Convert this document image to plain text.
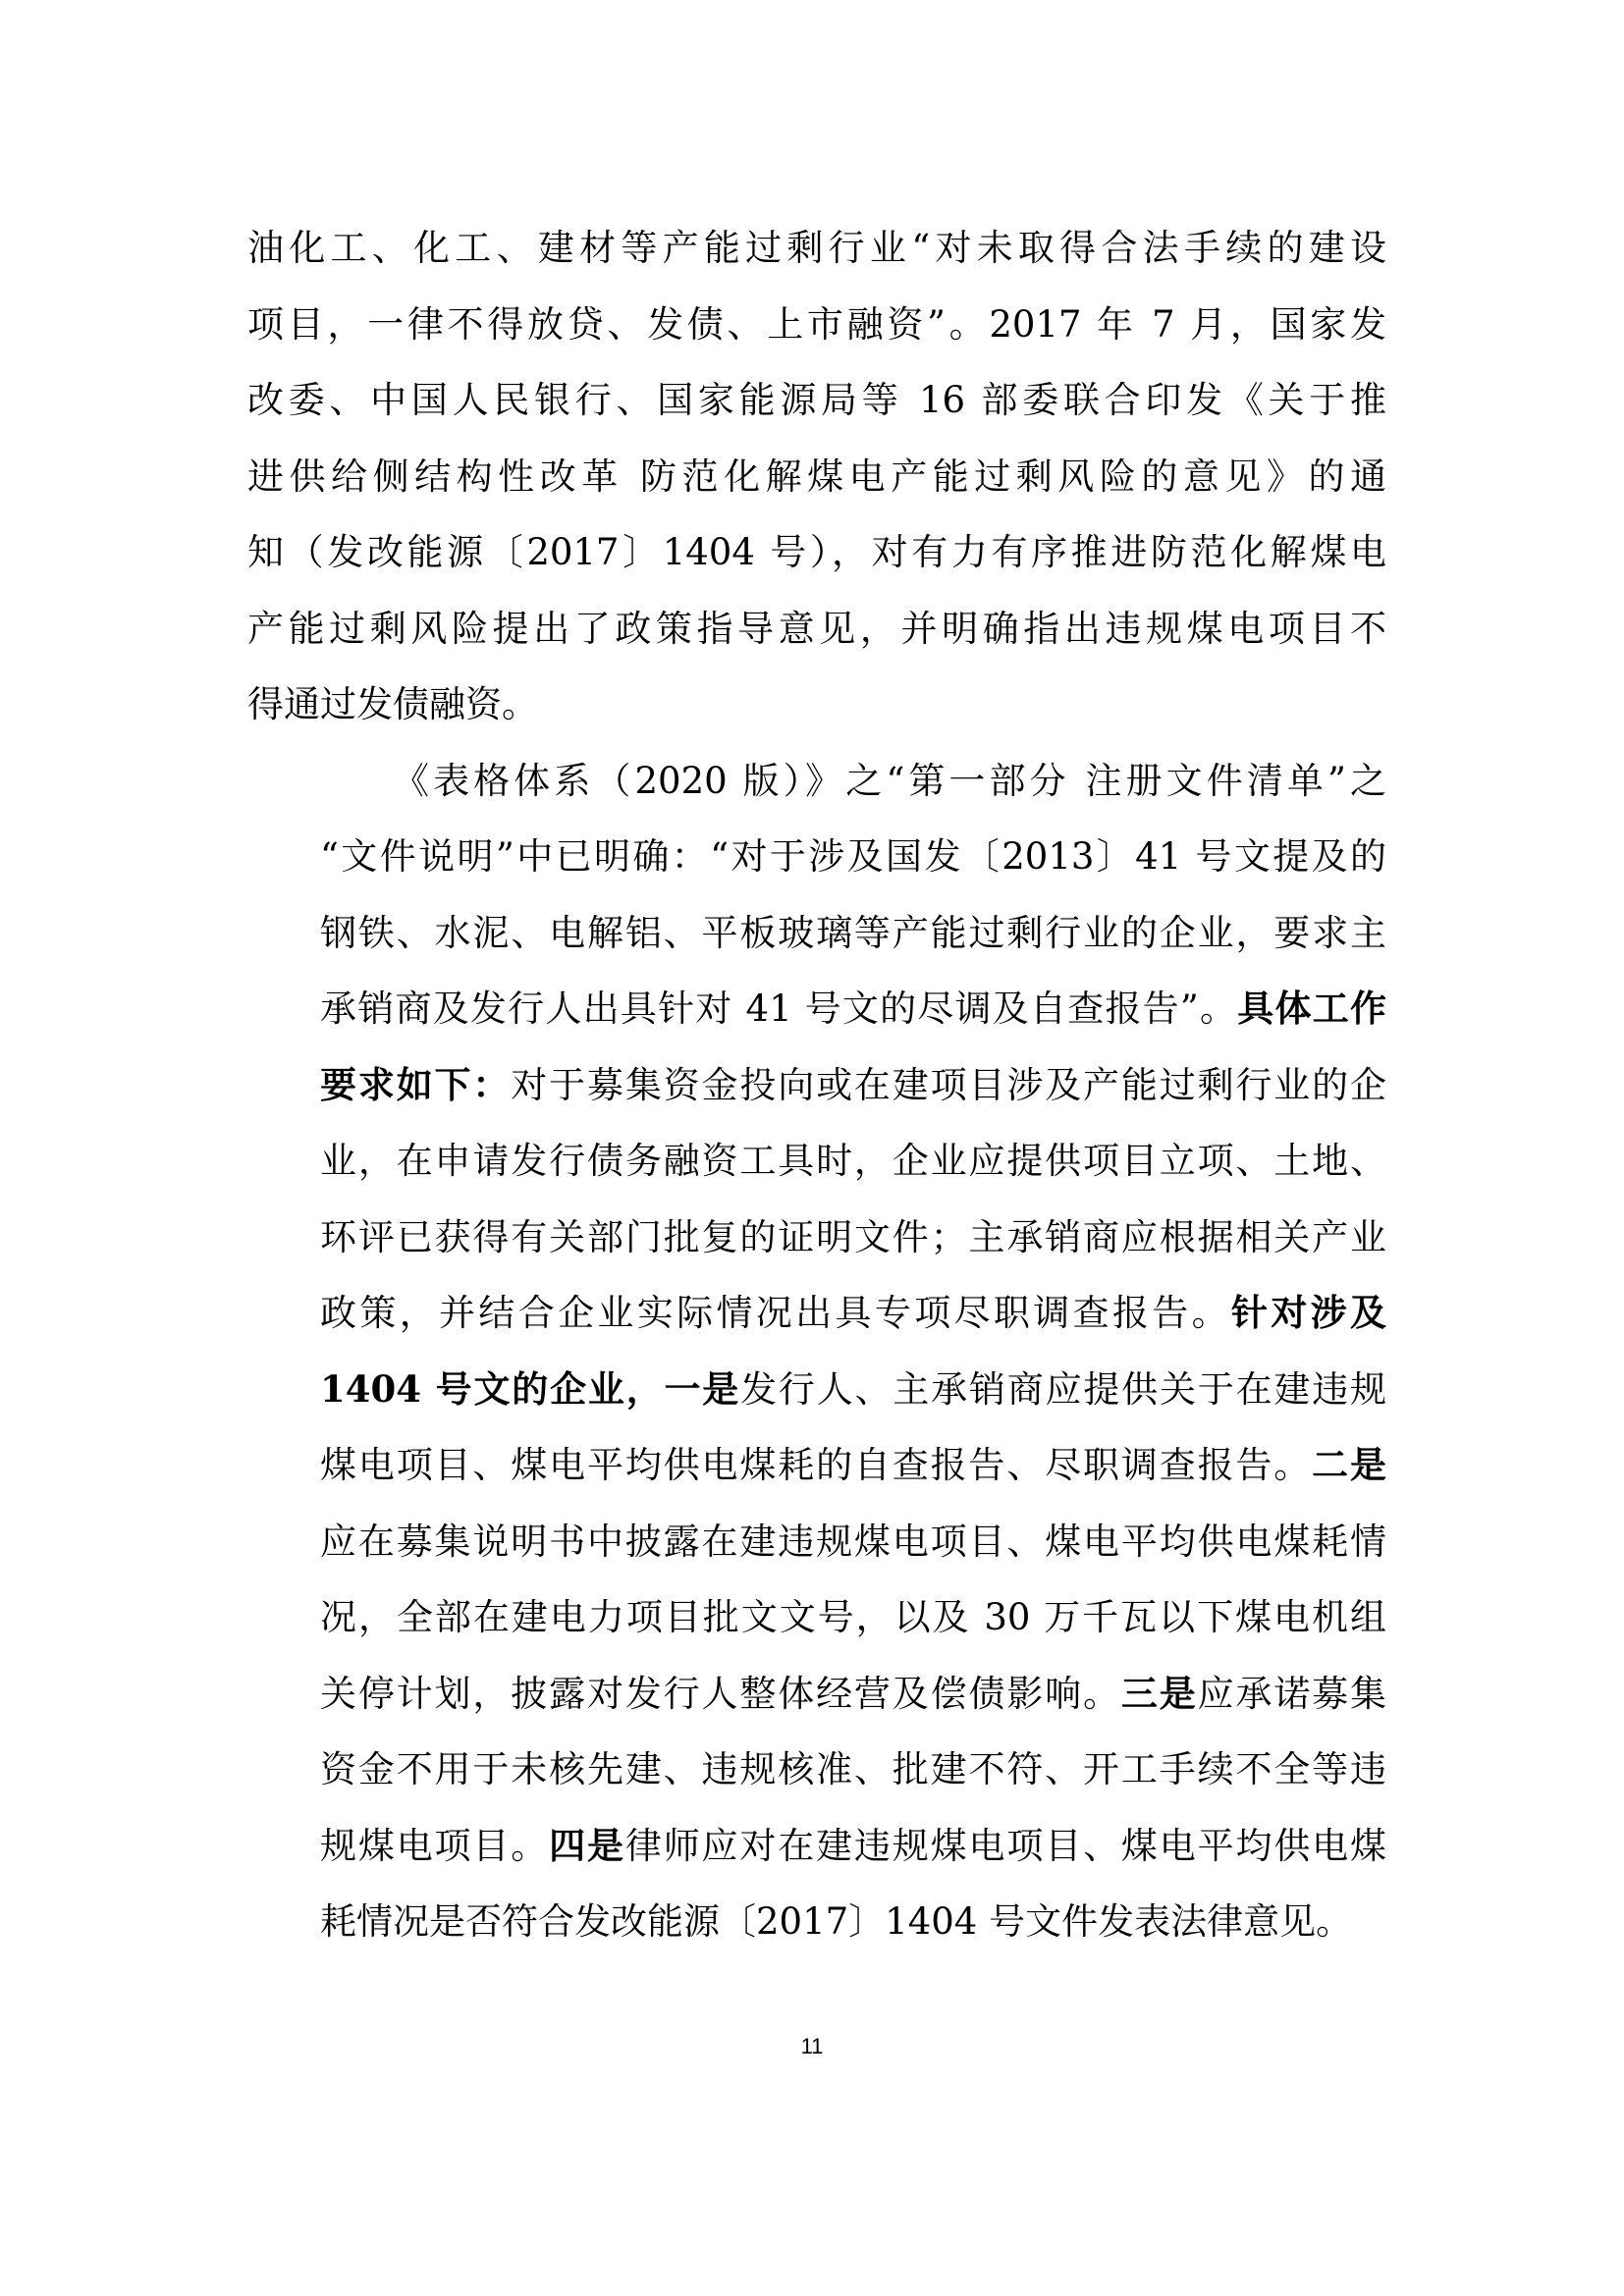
油化工、化工、建材等产能过剩行业“对未取得合法手续的建设
项目，一律不得放贷、发债、上市融资”。2017 年 7 月，国家发
改委、中国人民银行、国家能源局等 16 部委联合印发《关于推
进供给侧结构性改革 防范化解煤电产能过剩风险的意见》的通
知（发改能源〔2017〕1404 号），对有力有序推进防范化解煤电
产能过剩风险提出了政策指导意见，并明确指出违规煤电项目不
得通过发债融资。
《表格体系（2020 版）》之“第一部分 注册文件清单”之
“文件说明”中已明确：“对于涉及国发〔2013〕41 号文提及的
钢铁、水泥、电解铝、平板玻璃等产能过剩行业的企业，要求主
承销商及发行人出具针对 41 号文的尽调及自查报告”。具体工作
要求如下：对于募集资金投向或在建项目涉及产能过剩行业的企
业，在申请发行债务融资工具时，企业应提供项目立项、土地、
环评已获得有关部门批复的证明文件；主承销商应根据相关产业
政策，并结合企业实际情况出具专项尽职调查报告。针对涉及
1404 号文的企业，一是发行人、主承销商应提供关于在建违规
煤电项目、煤电平均供电煤耗的自查报告、尽职调查报告。二是
应在募集说明书中披露在建违规煤电项目、煤电平均供电煤耗情
况，全部在建电力项目批文文号，以及 30 万千瓦以下煤电机组
关停计划，披露对发行人整体经营及偿债影响。三是应承诺募集
资金不用于未核先建、违规核准、批建不符、开工手续不全等违
规煤电项目。四是律师应对在建违规煤电项目、煤电平均供电煤
耗情况是否符合发改能源〔2017〕1404 号文件发表法律意见。
11
